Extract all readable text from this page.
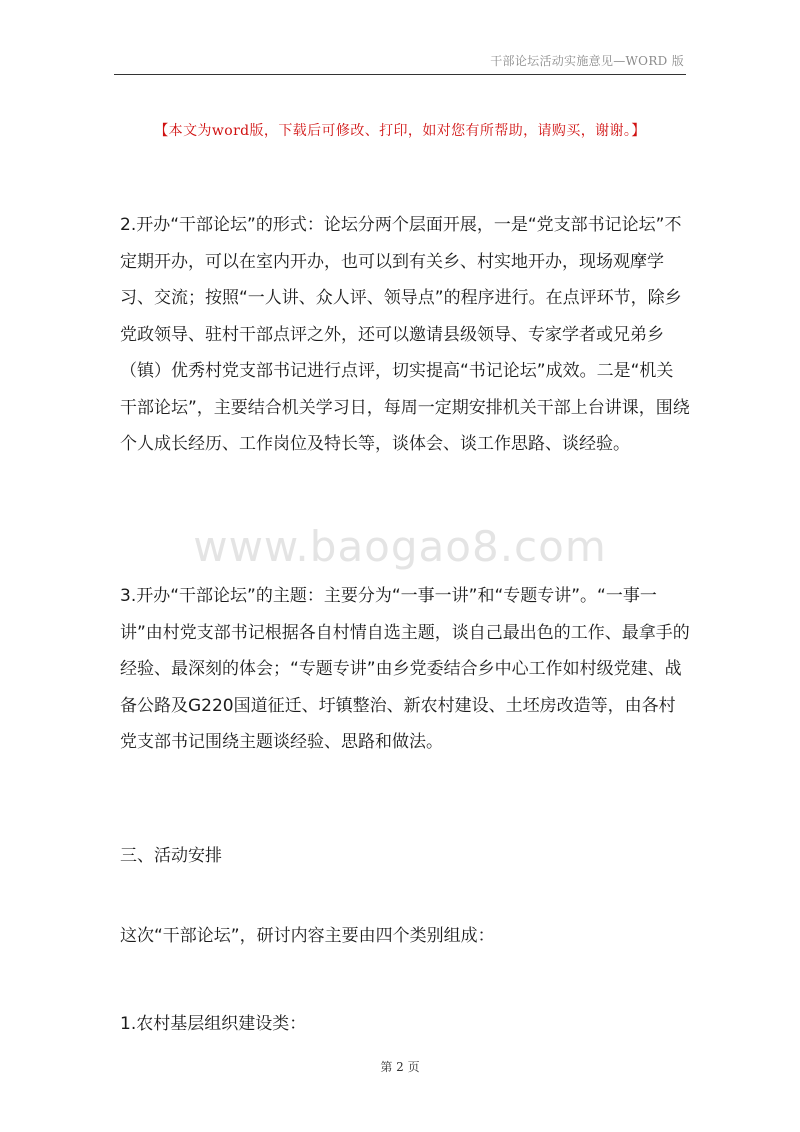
干部论坛活动实施意见—WORD 版
【本文为word版，下载后可修改、打印，如对您有所帮助，请购买，谢谢。】

2.开办“干部论坛”的形式：论坛分两个层面开展，一是“党支部书记论坛”不定期开办，可以在室内开办，也可以到有关乡、村实地开办，现场观摩学习、交流；按照“一人讲、众人评、领导点”的程序进行。在点评环节，除乡党政领导、驻村干部点评之外，还可以邀请县级领导、专家学者或兄弟乡（镇）优秀村党支部书记进行点评，切实提高“书记论坛”成效。二是“机关干部论坛”，主要结合机关学习日，每周一定期安排机关干部上台讲课，围绕个人成长经历、工作岗位及特长等，谈体会、谈工作思路、谈经验。

www.baogao8.com

3.开办“干部论坛”的主题：主要分为“一事一讲”和“专题专讲”。“一事一讲”由村党支部书记根据各自村情自选主题，谈自己最出色的工作、最拿手的经验、最深刻的体会；“专题专讲”由乡党委结合乡中心工作如村级党建、战备公路及G220国道征迁、圩镇整治、新农村建设、土坯房改造等，由各村党支部书记围绕主题谈经验、思路和做法。

三、活动安排

这次“干部论坛”，研讨内容主要由四个类别组成：

1.农村基层组织建设类：

第 2 页
